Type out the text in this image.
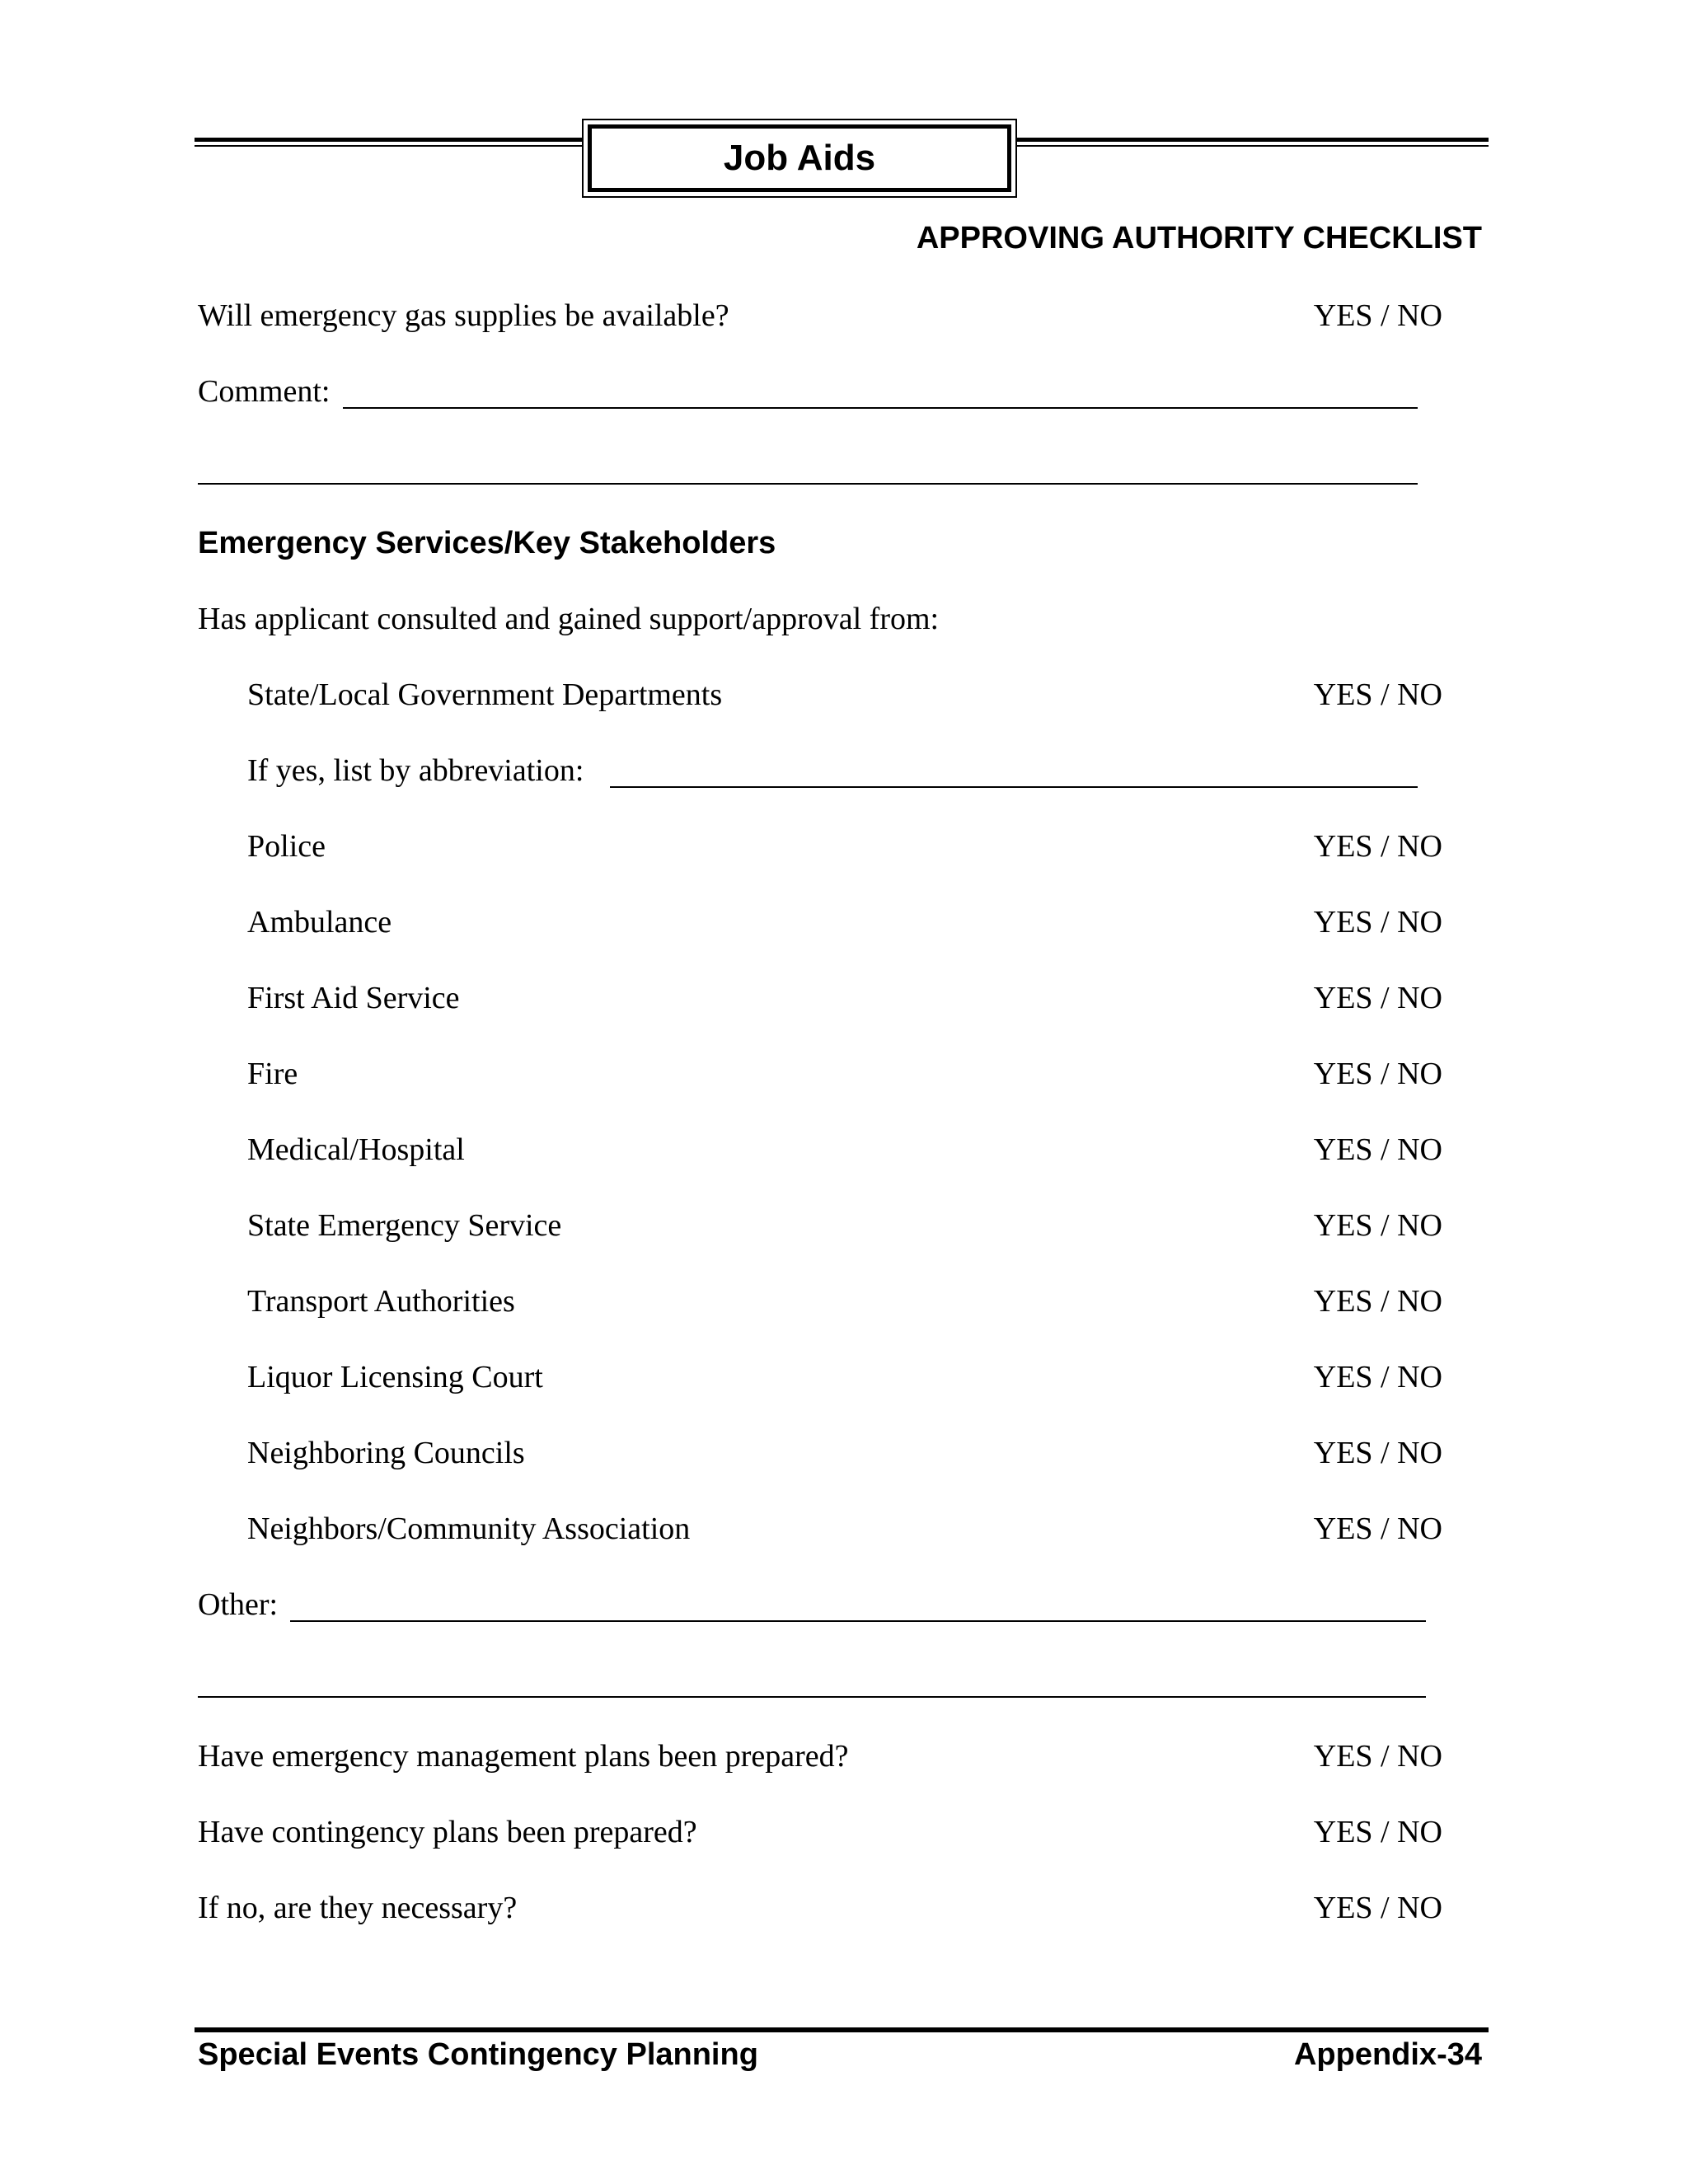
Job Aids
APPROVING AUTHORITY CHECKLIST
Will emergency gas supplies be available?	YES / NO
Comment:
Emergency Services/Key Stakeholders
Has applicant consulted and gained support/approval from:
State/Local Government Departments	YES / NO
If yes, list by abbreviation:
Police	YES / NO
Ambulance	YES / NO
First Aid Service	YES / NO
Fire	YES / NO
Medical/Hospital	YES / NO
State Emergency Service	YES / NO
Transport Authorities	YES / NO
Liquor Licensing Court	YES / NO
Neighboring Councils	YES / NO
Neighbors/Community Association	YES / NO
Other:
Have emergency management plans been prepared?	YES / NO
Have contingency plans been prepared?	YES / NO
If no, are they necessary?	YES / NO
Special Events Contingency Planning	Appendix-34
